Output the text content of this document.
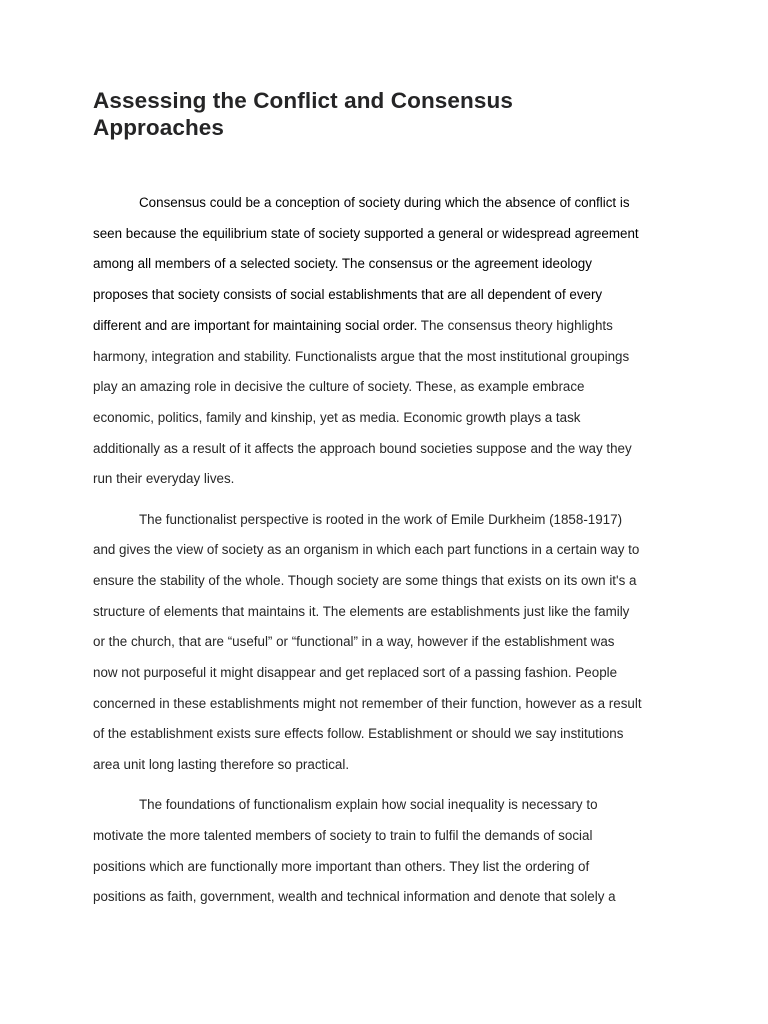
Assessing the Conflict and Consensus
Approaches

Consensus could be a conception of society during which the absence of conflict is
seen because the equilibrium state of society supported a general or widespread agreement
among all members of a selected society. The consensus or the agreement ideology
proposes that society consists of social establishments that are all dependent of every
different and are important for maintaining social order. The consensus theory highlights
harmony, integration and stability. Functionalists argue that the most institutional groupings
play an amazing role in decisive the culture of society. These, as example embrace
economic, politics, family and kinship, yet as media. Economic growth plays a task
additionally as a result of it affects the approach bound societies suppose and the way they
run their everyday lives.

The functionalist perspective is rooted in the work of Emile Durkheim (1858-1917)
and gives the view of society as an organism in which each part functions in a certain way to
ensure the stability of the whole. Though society are some things that exists on its own it's a
structure of elements that maintains it. The elements are establishments just like the family
or the church, that are “useful” or “functional” in a way, however if the establishment was
now not purposeful it might disappear and get replaced sort of a passing fashion. People
concerned in these establishments might not remember of their function, however as a result
of the establishment exists sure effects follow. Establishment or should we say institutions
area unit long lasting therefore so practical.

The foundations of functionalism explain how social inequality is necessary to
motivate the more talented members of society to train to fulfil the demands of social
positions which are functionally more important than others. They list the ordering of
positions as faith, government, wealth and technical information and denote that solely a
